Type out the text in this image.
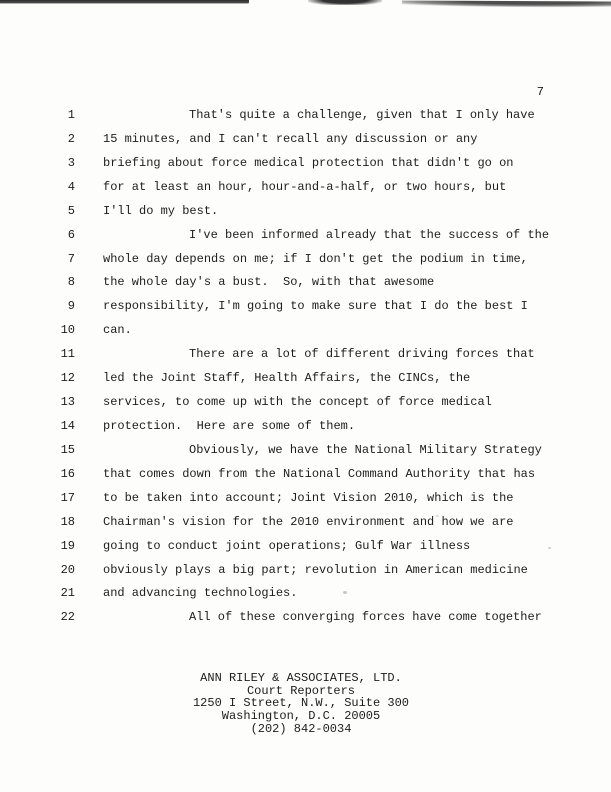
7
1	That's quite a challenge, given that I only have
2 15 minutes, and I can't recall any discussion or any
3 briefing about force medical protection that didn't go on
4 for at least an hour, hour-and-a-half, or two hours, but
5 I'll do my best.
6	I've been informed already that the success of the
7 whole day depends on me; if I don't get the podium in time,
8 the whole day's a bust.  So, with that awesome
9 responsibility, I'm going to make sure that I do the best I
10 can.
11	There are a lot of different driving forces that
12 led the Joint Staff, Health Affairs, the CINCs, the
13 services, to come up with the concept of force medical
14 protection.  Here are some of them.
15	Obviously, we have the National Military Strategy
16 that comes down from the National Command Authority that has
17 to be taken into account; Joint Vision 2010, which is the
18 Chairman's vision for the 2010 environment and how we are
19 going to conduct joint operations; Gulf War illness
20 obviously plays a big part; revolution in American medicine
21 and advancing technologies.
22	All of these converging forces have come together
ANN RILEY & ASSOCIATES, LTD.
Court Reporters
1250 I Street, N.W., Suite 300
Washington, D.C. 20005
(202) 842-0034
